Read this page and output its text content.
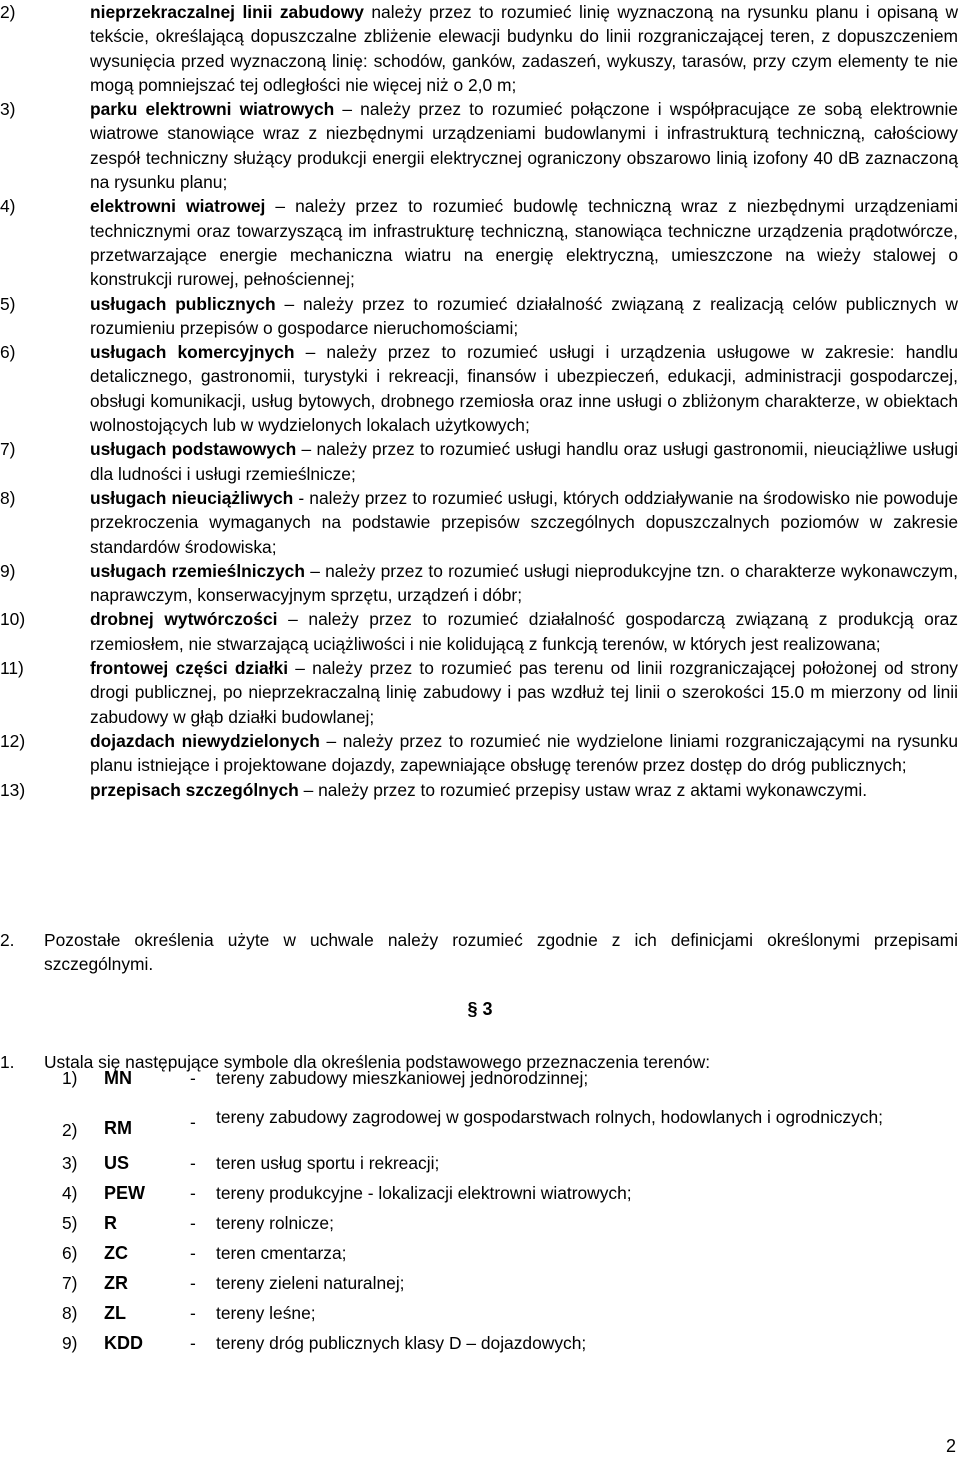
2)	nieprzekraczalnej linii zabudowy należy przez to rozumieć linię wyznaczoną na rysunku planu i opisaną w tekście, określającą dopuszczalne zbliżenie elewacji budynku do linii rozgraniczającej teren, z dopuszczeniem wysunięcia przed wyznaczoną linię: schodów, ganków, zadaszeń, wykuszy, tarasów, przy czym elementy te nie mogą pomniejszać tej odległości nie więcej niż o 2,0 m;
3)	parku elektrowni wiatrowych – należy przez to rozumieć połączone i współpracujące ze sobą elektrownie wiatrowe stanowiące wraz z niezbędnymi urządzeniami budowlanymi i infrastrukturą techniczną, całościowy zespół techniczny służący produkcji energii elektrycznej ograniczony obszarowo linią izofony 40 dB zaznaczoną na rysunku planu;
4)	elektrowni wiatrowej – należy przez to rozumieć budowlę techniczną wraz z niezbędnymi urządzeniami technicznymi oraz towarzyszącą im infrastrukturę techniczną, stanowiąca techniczne urządzenia prądotwórcze, przetwarzające energie mechaniczna wiatru na energię elektryczną, umieszczone na wieży stalowej o konstrukcji rurowej, pełnościennej;
5)	usługach publicznych – należy przez to rozumieć działalność związaną z realizacją celów publicznych w rozumieniu przepisów o gospodarce nieruchomościami;
6)	usługach komercyjnych – należy przez to rozumieć usługi i urządzenia usługowe w zakresie: handlu detalicznego, gastronomii, turystyki i rekreacji, finansów i ubezpieczeń, edukacji, administracji gospodarczej, obsługi komunikacji, usług bytowych, drobnego rzemiosła oraz inne usługi o zbliżonym charakterze, w obiektach wolnostojących lub w wydzielonych lokalach użytkowych;
7)	usługach podstawowych – należy przez to rozumieć usługi handlu oraz usługi gastronomii, nieuciążliwe usługi dla ludności i usługi rzemieślnicze;
8)	usługach nieuciążliwych - należy przez to rozumieć usługi, których oddziaływanie na środowisko nie powoduje przekroczenia wymaganych na podstawie przepisów szczególnych dopuszczalnych poziomów w zakresie standardów środowiska;
9)	usługach rzemieślniczych – należy przez to rozumieć usługi nieprodukcyjne tzn. o charakterze wykonawczym, naprawczym, konserwacyjnym sprzętu, urządzeń i dóbr;
10)	drobnej wytwórczości – należy przez to rozumieć działalność gospodarczą związaną z produkcją oraz rzemiosłem, nie stwarzającą uciążliwości i nie kolidującą z funkcją terenów, w których jest realizowana;
11)	frontowej części działki – należy przez to rozumieć pas terenu od linii rozgraniczającej położonej od strony drogi publicznej, po nieprzekraczalną linię zabudowy i pas wzdłuż tej linii o szerokości 15.0 m mierzony od linii zabudowy w głąb działki budowlanej;
12)	dojazdach niewydzielonych – należy przez to rozumieć nie wydzielone liniami rozgraniczającymi na rysunku planu istniejące i projektowane dojazdy, zapewniające obsługę terenów przez dostęp do dróg publicznych;
13)	przepisach szczególnych – należy przez to rozumieć przepisy ustaw wraz z aktami wykonawczymi.
2.	Pozostałe określenia użyte w uchwale należy rozumieć zgodnie z ich definicjami określonymi przepisami szczególnymi.
§ 3
1.	Ustala się następujące symbole dla określenia podstawowego przeznaczenia terenów:
1)	MN	- tereny zabudowy mieszkaniowej jednorodzinnej;
2)	RM	- tereny zabudowy zagrodowej w gospodarstwach rolnych, hodowlanych i ogrodniczych;
3)	US	- teren usług sportu i rekreacji;
4)	PEW	- tereny produkcyjne - lokalizacji elektrowni wiatrowych;
5)	R	- tereny rolnicze;
6)	ZC	- teren cmentarza;
7)	ZR	- tereny zieleni naturalnej;
8)	ZL	- tereny leśne;
9)	KDD	- tereny dróg publicznych klasy D – dojazdowych;
2
